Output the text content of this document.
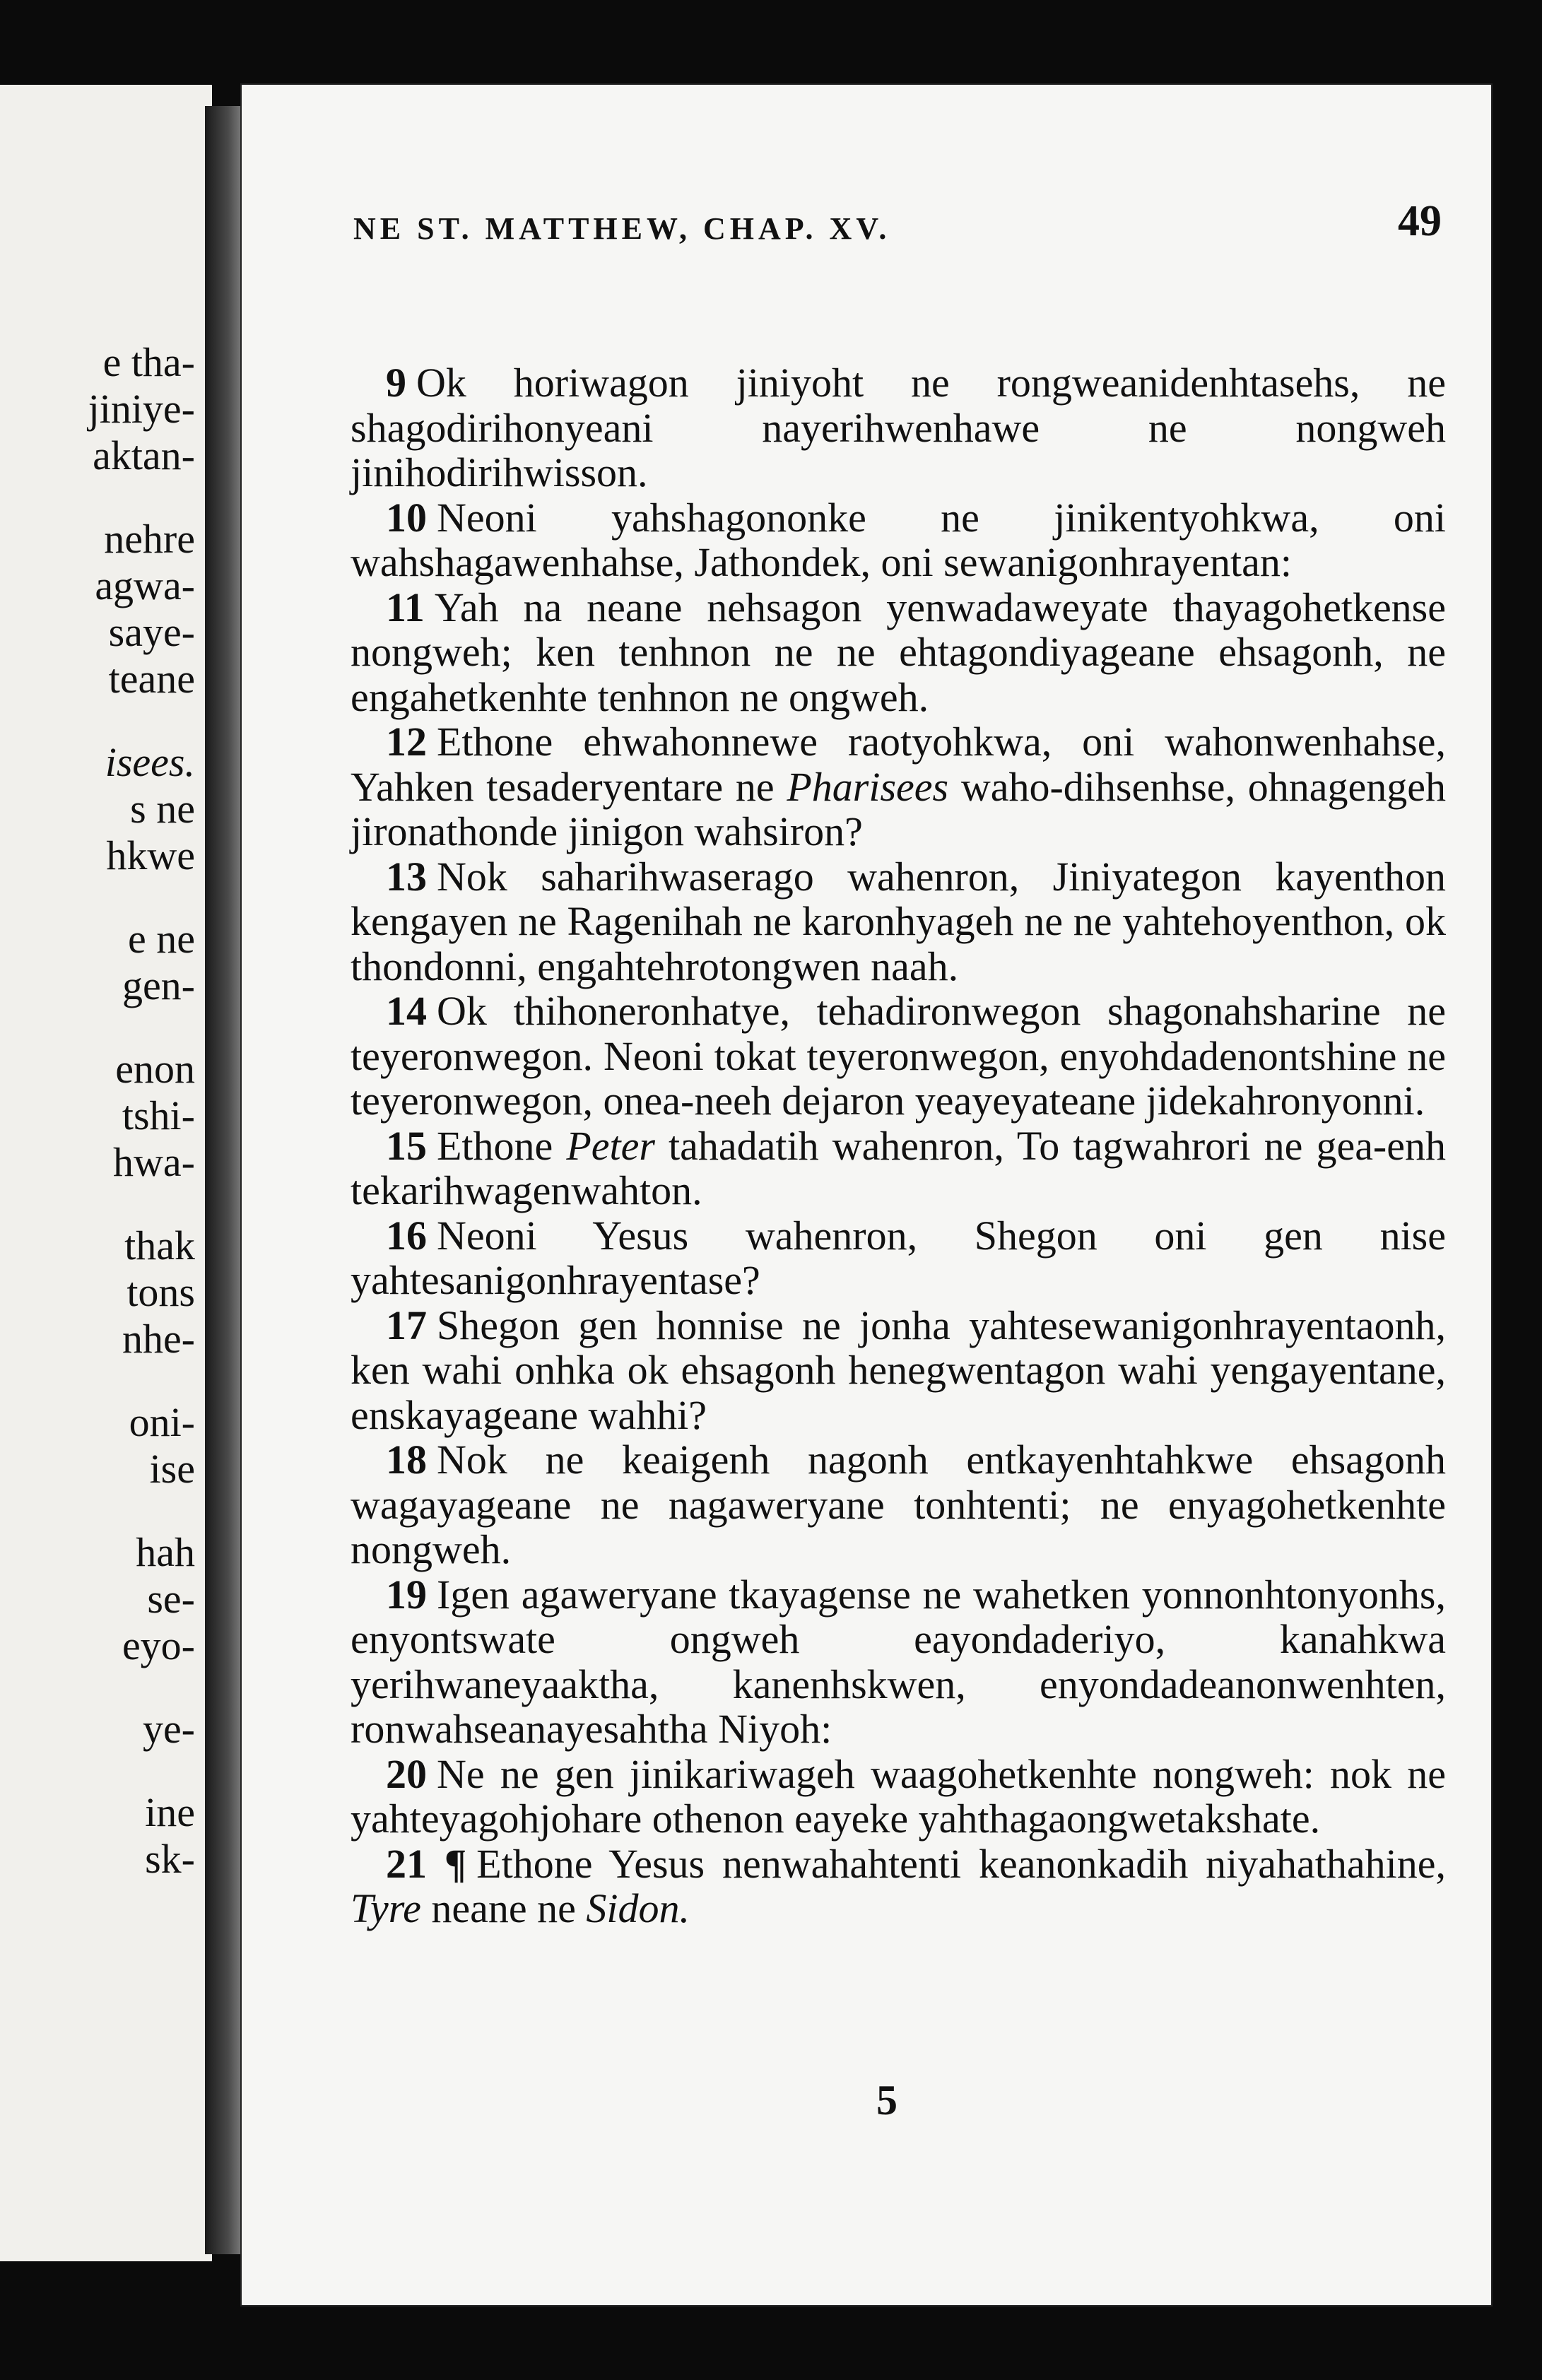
e tha-
jiniye-
aktan-
nehre
agwa-
saye-
teane
isees.
s ne
hkwe
e ne
gen-
enon
tshi-
hwa-
thak
tons
nhe-
oni-
ise
hah
se-
eyo-
ye-
ine
sk-
NE ST. MATTHEW, CHAP. XV.	49

9 Ok horiwagon jiniyoht ne rongweanidenhtasehs, ne shagodirihonyeani nayerihwenhawe ne nongweh jinihodirihwisson.

10 Neoni yahshagononke ne jinikentyohkwa, oni wahshagawenhahse, Jathondek, oni sewanigonhrayentan:

11 Yah na neane nehsagon yenwadaweyate thayagohetkense nongweh; ken tenhnon ne ne ehtagondiyageane ehsagonh, ne engahetkenhte tenhnon ne ongweh.

12 Ethone ehwahonnewe raotyohkwa, oni wahonwenhahse, Yahken tesaderyentare ne Pharisees waho-dihsenhse, ohnagengeh jironathonde jinigon wahsiron?

13 Nok saharihwaserago wahenron, Jiniyategon kayenthon kengayen ne Ragenihah ne karonhyageh ne ne yahtehoyenthon, ok thondonni, engahtehrotongwen naah.

14 Ok thihoneronhatye, tehadironwegon shagonahsharine ne teyeronwegon. Neoni tokat teyeronwegon, enyohdadenontshine ne teyeronwegon, onea-neeh dejaron yeayeyateane jidekahronyonni.

15 Ethone Peter tahadatih wahenron, To tagwahrori ne gea-enh tekarihwagenwahton.

16 Neoni Yesus wahenron, Shegon oni gen nise yahtesanigonhrayentase?

17 Shegon gen honnise ne jonha yahtesewanigonhrayentaonh, ken wahi onhka ok ehsagonh henegwentagon wahi yengayentane, enskayageane wahhi?

18 Nok ne keaigenh nagonh entkayenhtahkwe ehsagonh wagayageane ne nagaweryane tonhtenti; ne enyagohetkenhte nongweh.

19 Igen agaweryane tkayagense ne wahetken yonnonhtonyonhs, enyontswate ongweh eayondaderiyo, kanahkwa yerihwaneyaaktha, kanenhskwen, enyondadeanonwenhten, ronwahseanayesahtha Niyoh:

20 Ne ne gen jinikariwageh waagohetkenhte nongweh: nok ne yahteyagohjohare othenon eayeke yahthagaongwetakshate.

21 ¶ Ethone Yesus nenwahahtenti keanonkadih niyahathahine, Tyre neane ne Sidon.

5
